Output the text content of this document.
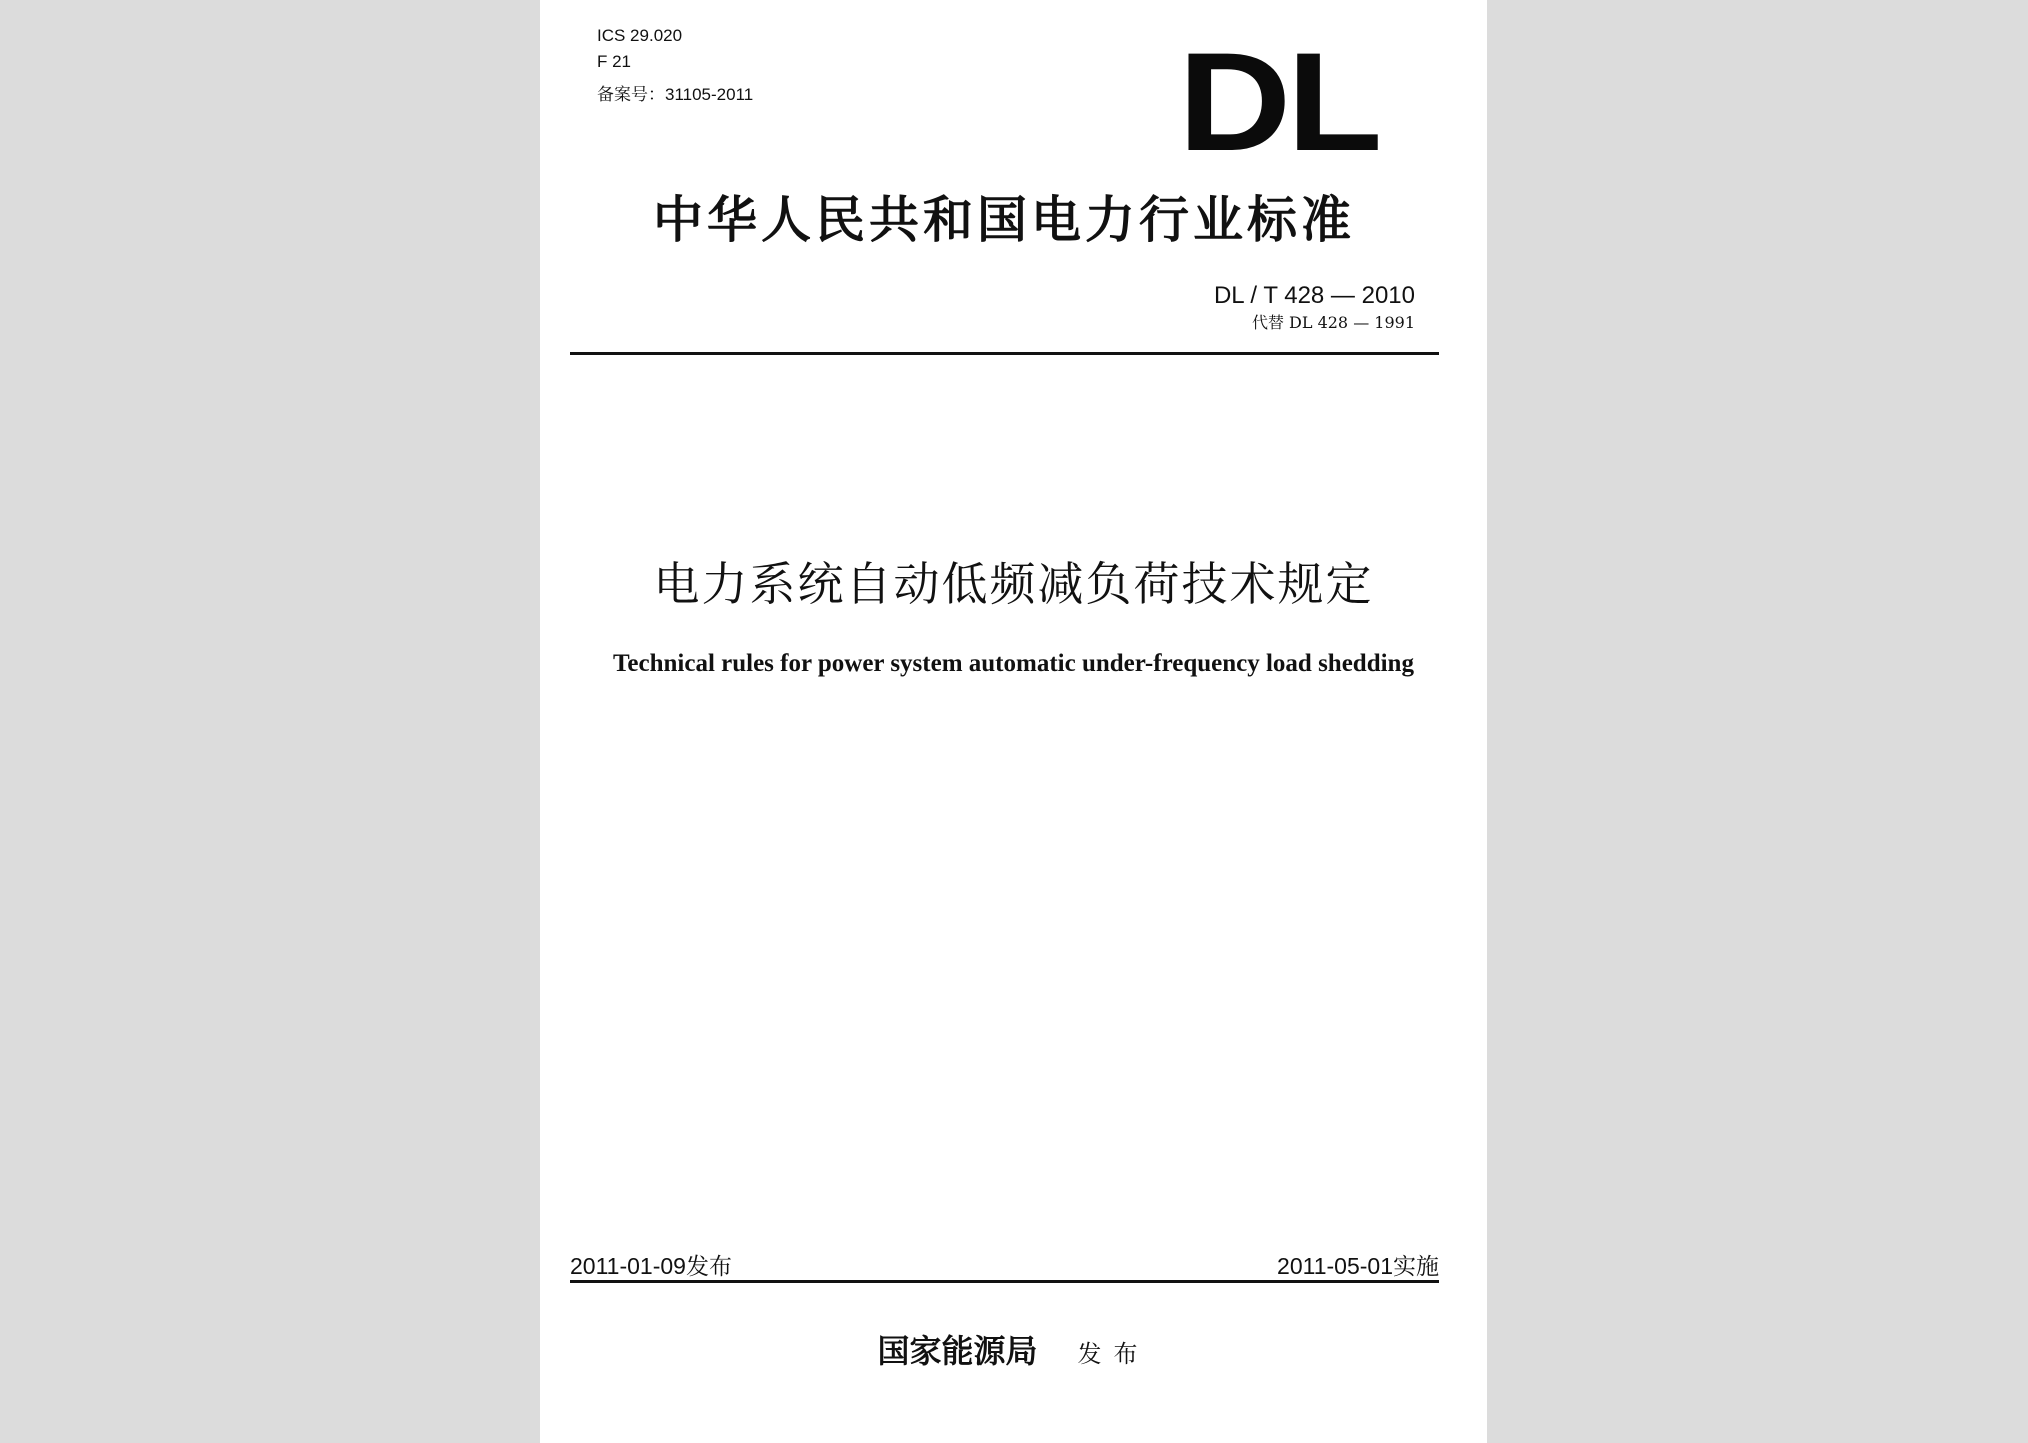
ICS 29.020
F 21
备案号：31105-2011	DL
中华人民共和国电力行业标准
DL / T 428 — 2010
代替 DL 428 — 1991
电力系统自动低频减负荷技术规定
Technical rules for power system automatic under-frequency load shedding
2011-01-09发布	2011-05-01实施
国家能源局 发布
